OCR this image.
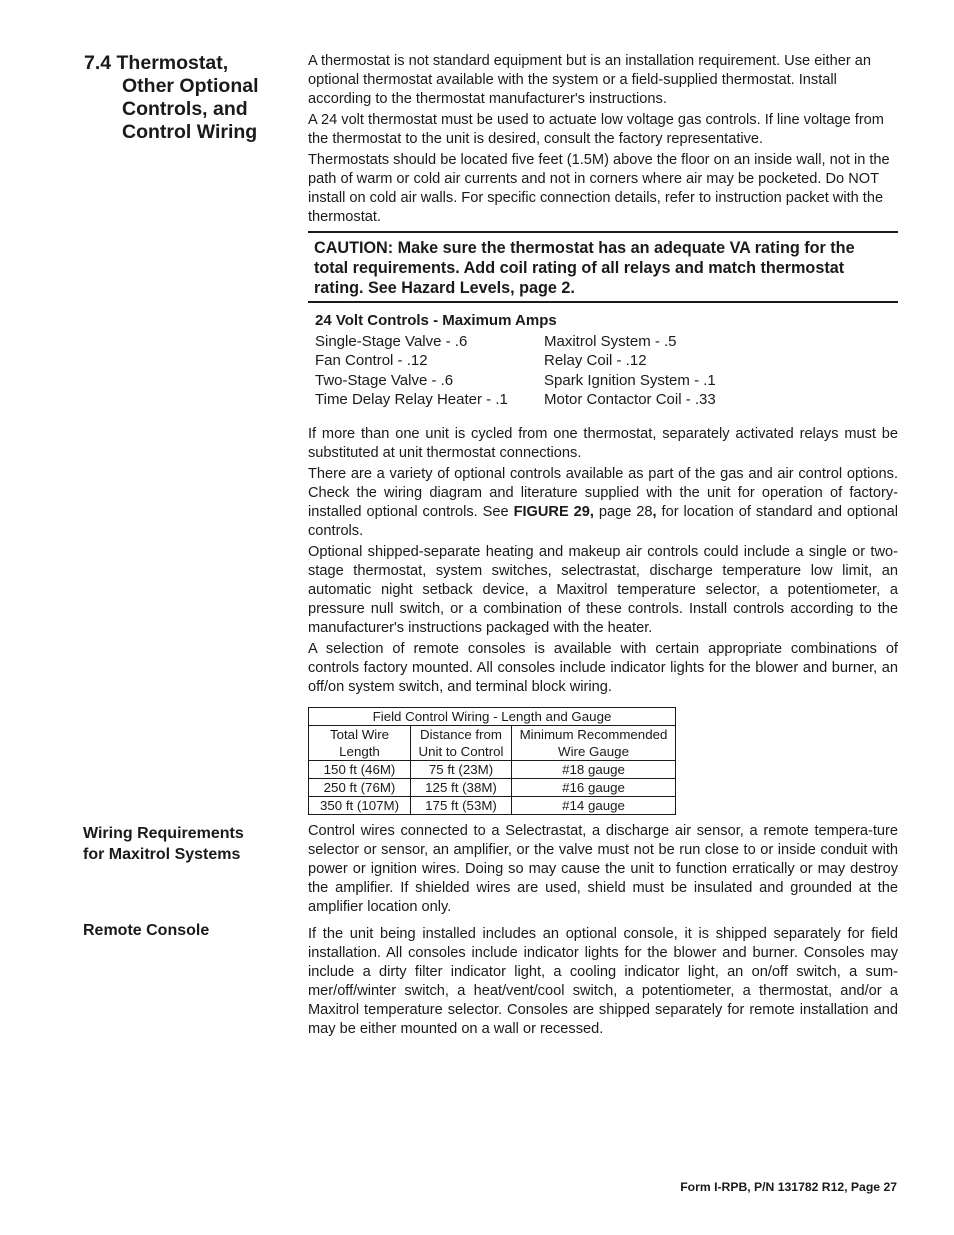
7.4 Thermostat,
Other Optional
Controls, and
Control Wiring

A thermostat is not standard equipment but is an installation requirement. Use either an optional thermostat available with the system or a field-supplied thermostat. Install according to the thermostat manufacturer's instructions.

A 24 volt thermostat must be used to actuate low voltage gas controls. If line voltage from the thermostat to the unit is desired, consult the factory representative.

Thermostats should be located five feet (1.5M) above the floor on an inside wall, not in the path of warm or cold air currents and not in corners where air may be pocketed. Do NOT install on cold air walls. For specific connection details, refer to instruction packet with the thermostat.

CAUTION: Make sure the thermostat has an adequate VA rating for the total requirements. Add coil rating of all relays and match thermostat rating. See Hazard Levels, page 2.
24 Volt Controls - Maximum Amps
Single-Stage Valve - .6	Maxitrol System - .5
Fan Control - .12	Relay Coil - .12
Two-Stage Valve - .6	Spark Ignition System - .1
Time Delay Relay Heater - .1	Motor Contactor Coil - .33

If more than one unit is cycled from one thermostat, separately activated relays must be substituted at unit thermostat connections.

There are a variety of optional controls available as part of the gas and air control options. Check the wiring diagram and literature supplied with the unit for operation of factory-installed optional controls. See FIGURE 29, page 28, for location of standard and optional controls.

Optional shipped-separate heating and makeup air controls could include a single or two-stage thermostat, system switches, selectrastat, discharge temperature low limit, an automatic night setback device, a Maxitrol temperature selector, a potentiometer, a pressure null switch, or a combination of these controls. Install controls according to the manufacturer's instructions packaged with the heater.

A selection of remote consoles is available with certain appropriate combinations of controls factory mounted. All consoles include indicator lights for the blower and burner, an off/on system switch, and terminal block wiring.

Field Control Wiring - Length and Gauge		
Total Wire Length	Distance from Unit to Control	Minimum Recommended Wire Gauge
150 ft (46M)	75 ft (23M)	#18 gauge
250 ft (76M)	125 ft (38M)	#16 gauge
350 ft (107M)	175 ft (53M)	#14 gauge
Wiring Requirements
for Maxitrol Systems

Control wires connected to a Selectrastat, a discharge air sensor, a remote tempera-ture selector or sensor, an amplifier, or the valve must not be run close to or inside conduit with power or ignition wires. Doing so may cause the unit to function erratically or may destroy the amplifier. If shielded wires are used, shield must be insulated and grounded at the amplifier location only.

Remote Console	If the unit being installed includes an optional console, it is shipped separately for field installation. All consoles include indicator lights for the blower and burner. Consoles may include a dirty filter indicator light, a cooling indicator light, an on/off switch, a sum-mer/off/winter switch, a heat/vent/cool switch, a potentiometer, a thermostat, and/or a Maxitrol temperature selector. Consoles are shipped separately for remote installation and may be either mounted on a wall or recessed.

Form I-RPB, P/N 131782 R12, Page 27
